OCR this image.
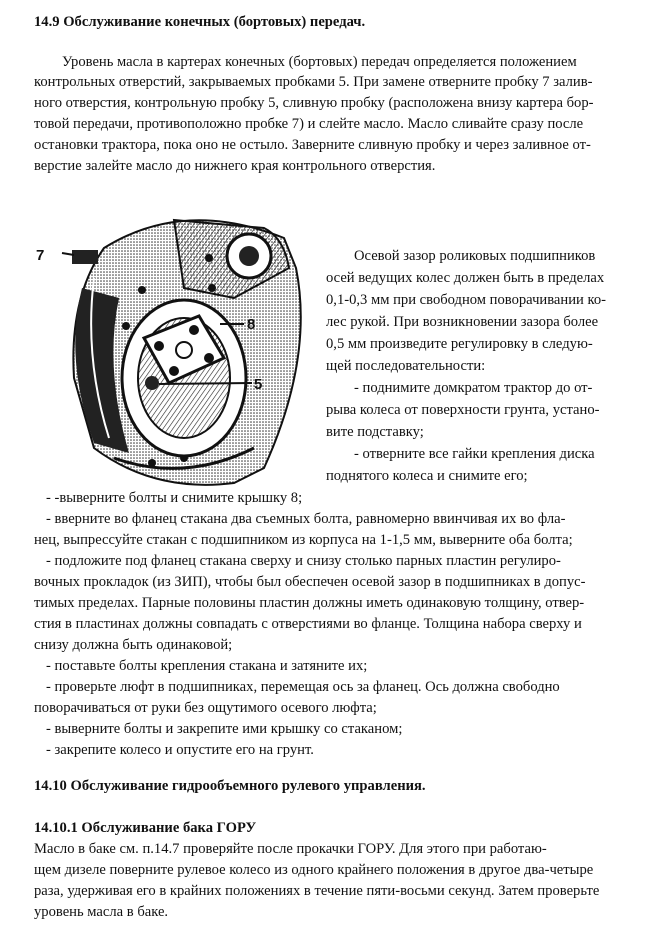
14.9 Обслуживание конечных (бортовых) передач.
Уровень масла в картерах конечных (бортовых) передач определяется положением
контрольных отверстий, закрываемых пробками 5. При замене отверните пробку 7 залив-
ного отверстия, контрольную пробку 5, сливную пробку (расположена внизу картера бор-
товой передачи, противоположно пробке 7) и слейте масло. Масло сливайте сразу после
остановки трактора, пока оно не остыло. Заверните сливную пробку и через заливное от-
верстие залейте масло до нижнего края контрольного отверстия.
7
8
5
Осевой зазор роликовых подшипников
осей ведущих колес должен быть в пределах
0,1-0,3 мм при свободном поворачивании ко-
лес рукой. При возникновении зазора более
0,5 мм произведите регулировку в следую-
щей последовательности:
- поднимите домкратом трактор до от-
рыва колеса от поверхности грунта, устано-
вите подставку;
- отверните все гайки крепления диска
поднятого колеса и снимите его;
- -выверните болты и снимите крышку 8;
- вверните во фланец стакана два съемных болта, равномерно ввинчивая их во фла-
нец, выпрессуйте стакан с подшипником из корпуса на 1-1,5 мм, выверните оба болта;
- подложите под фланец стакана сверху и снизу столько парных пластин регулиро-
вочных прокладок (из ЗИП), чтобы был обеспечен осевой зазор в подшипниках в допус-
тимых пределах. Парные половины пластин должны иметь одинаковую толщину, отвер-
стия в пластинах должны совпадать с отверстиями во фланце. Толщина набора сверху и
снизу должна быть одинаковой;
- поставьте болты крепления стакана и затяните их;
- проверьте люфт в подшипниках, перемещая ось за фланец. Ось должна свободно
поворачиваться от руки без ощутимого осевого люфта;
- выверните болты и закрепите ими крышку со стаканом;
- закрепите колесо и опустите его на грунт.
14.10 Обслуживание гидрообъемного рулевого управления.
14.10.1 Обслуживание бака ГОРУ
Масло в баке см. п.14.7 проверяйте после прокачки ГОРУ. Для этого при работаю-
щем дизеле поверните рулевое колесо из одного крайнего положения в другое два-четыре
раза, удерживая его в крайних положениях в течение пяти-восьми секунд. Затем проверьте
уровень масла в баке.
